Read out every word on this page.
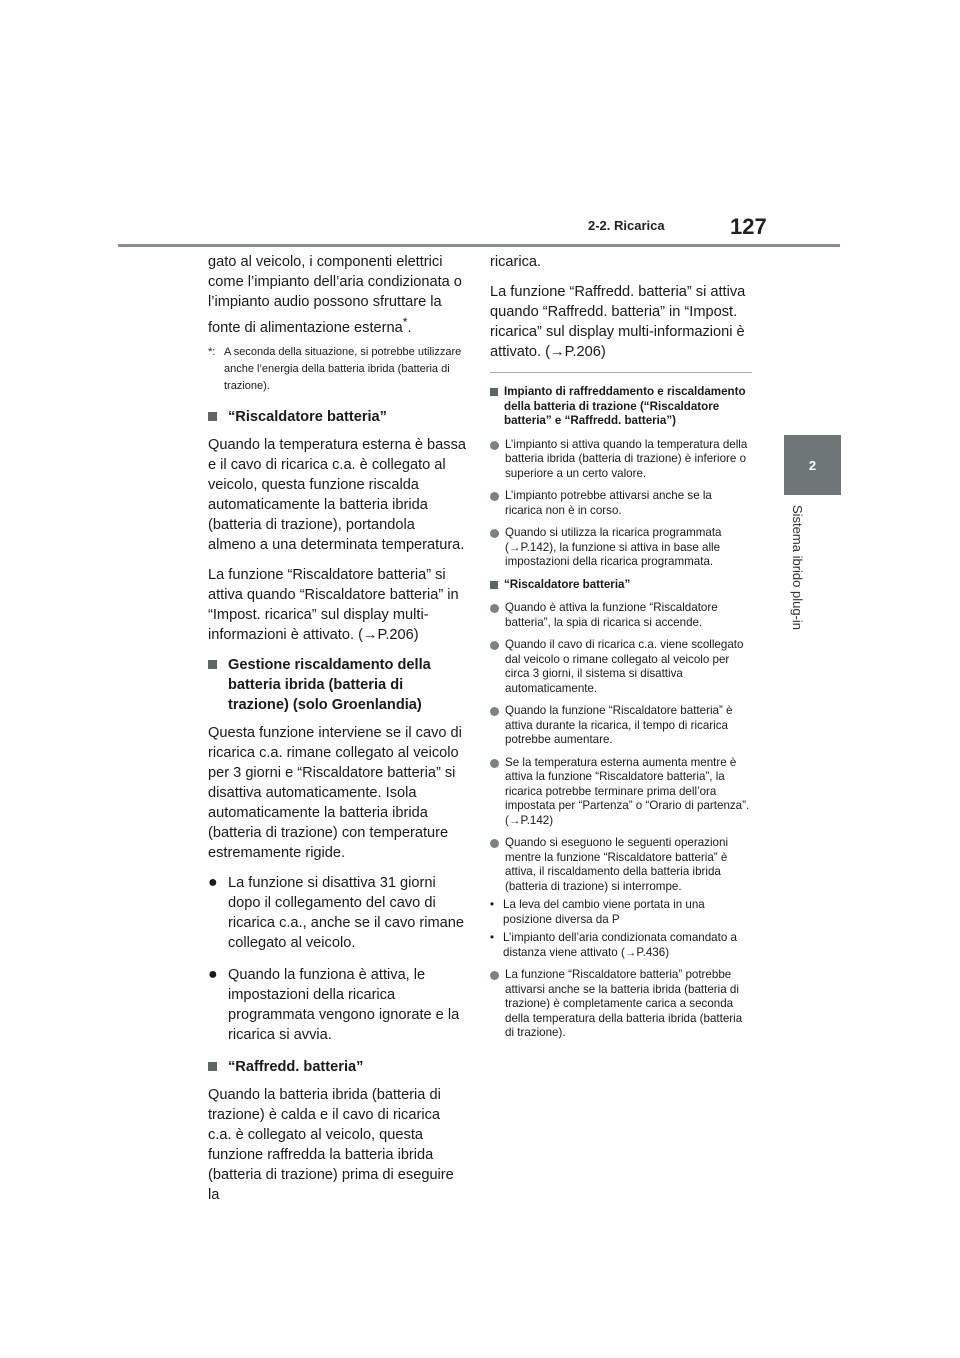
2-2. Ricarica	127
2
Sistema ibrido plug-in

gato al veicolo, i componenti elettrici come l’impianto dell’aria condizionata o l’impianto audio possono sfruttare la fonte di alimentazione esterna*.

*: A seconda della situazione, si potrebbe utilizzare anche l’energia della batteria ibrida (batteria di trazione).
“Riscaldatore batteria”

Quando la temperatura esterna è bassa e il cavo di ricarica c.a. è collegato al veicolo, questa funzione riscalda automaticamente la batteria ibrida (batteria di trazione), portandola almeno a una determinata temperatura.

La funzione “Riscaldatore batteria” si attiva quando “Riscaldatore batteria” in “Impost. ricarica” sul display multi-informazioni è attivato. (→P.206)

Gestione riscaldamento della batteria ibrida (batteria di trazione) (solo Groenlandia)

Questa funzione interviene se il cavo di ricarica c.a. rimane collegato al veicolo per 3 giorni e “Riscaldatore batteria” si disattiva automaticamente. Isola automaticamente la batteria ibrida (batteria di trazione) con temperature estremamente rigide.

● La funzione si disattiva 31 giorni dopo il collegamento del cavo di ricarica c.a., anche se il cavo rimane collegato al veicolo.
● Quando la funziona è attiva, le impostazioni della ricarica programmata vengono ignorate e la ricarica si avvia.
“Raffredd. batteria”

Quando la batteria ibrida (batteria di trazione) è calda e il cavo di ricarica c.a. è collegato al veicolo, questa funzione raffredda la batteria ibrida (batteria di trazione) prima di eseguire la

ricarica.

La funzione “Raffredd. batteria” si attiva quando “Raffredd. batteria” in “Impost. ricarica” sul display multi-informazioni è attivato. (→P.206)

Impianto di raffreddamento e riscaldamento della batteria di trazione (“Riscaldatore batteria” e “Raffredd. batteria”)
L’impianto si attiva quando la temperatura della batteria ibrida (batteria di trazione) è inferiore o superiore a un certo valore.
L’impianto potrebbe attivarsi anche se la ricarica non è in corso.
Quando si utilizza la ricarica programmata (→P.142), la funzione si attiva in base alle impostazioni della ricarica programmata.
“Riscaldatore batteria”
Quando è attiva la funzione “Riscaldatore batteria”, la spia di ricarica si accende.
Quando il cavo di ricarica c.a. viene scollegato dal veicolo o rimane collegato al veicolo per circa 3 giorni, il sistema si disattiva automaticamente.
Quando la funzione “Riscaldatore batteria” è attiva durante la ricarica, il tempo di ricarica potrebbe aumentare.
Se la temperatura esterna aumenta mentre è attiva la funzione “Riscaldatore batteria”, la ricarica potrebbe terminare prima dell’ora impostata per “Partenza” o “Orario di partenza”. (→P.142)
Quando si eseguono le seguenti operazioni mentre la funzione “Riscaldatore batteria” è attiva, il riscaldamento della batteria ibrida (batteria di trazione) si interrompe.
• La leva del cambio viene portata in una posizione diversa da P
• L’impianto dell’aria condizionata comandato a distanza viene attivato (→P.436)
La funzione “Riscaldatore batteria” potrebbe attivarsi anche se la batteria ibrida (batteria di trazione) è completamente carica a seconda della temperatura della batteria ibrida (batteria di trazione).
